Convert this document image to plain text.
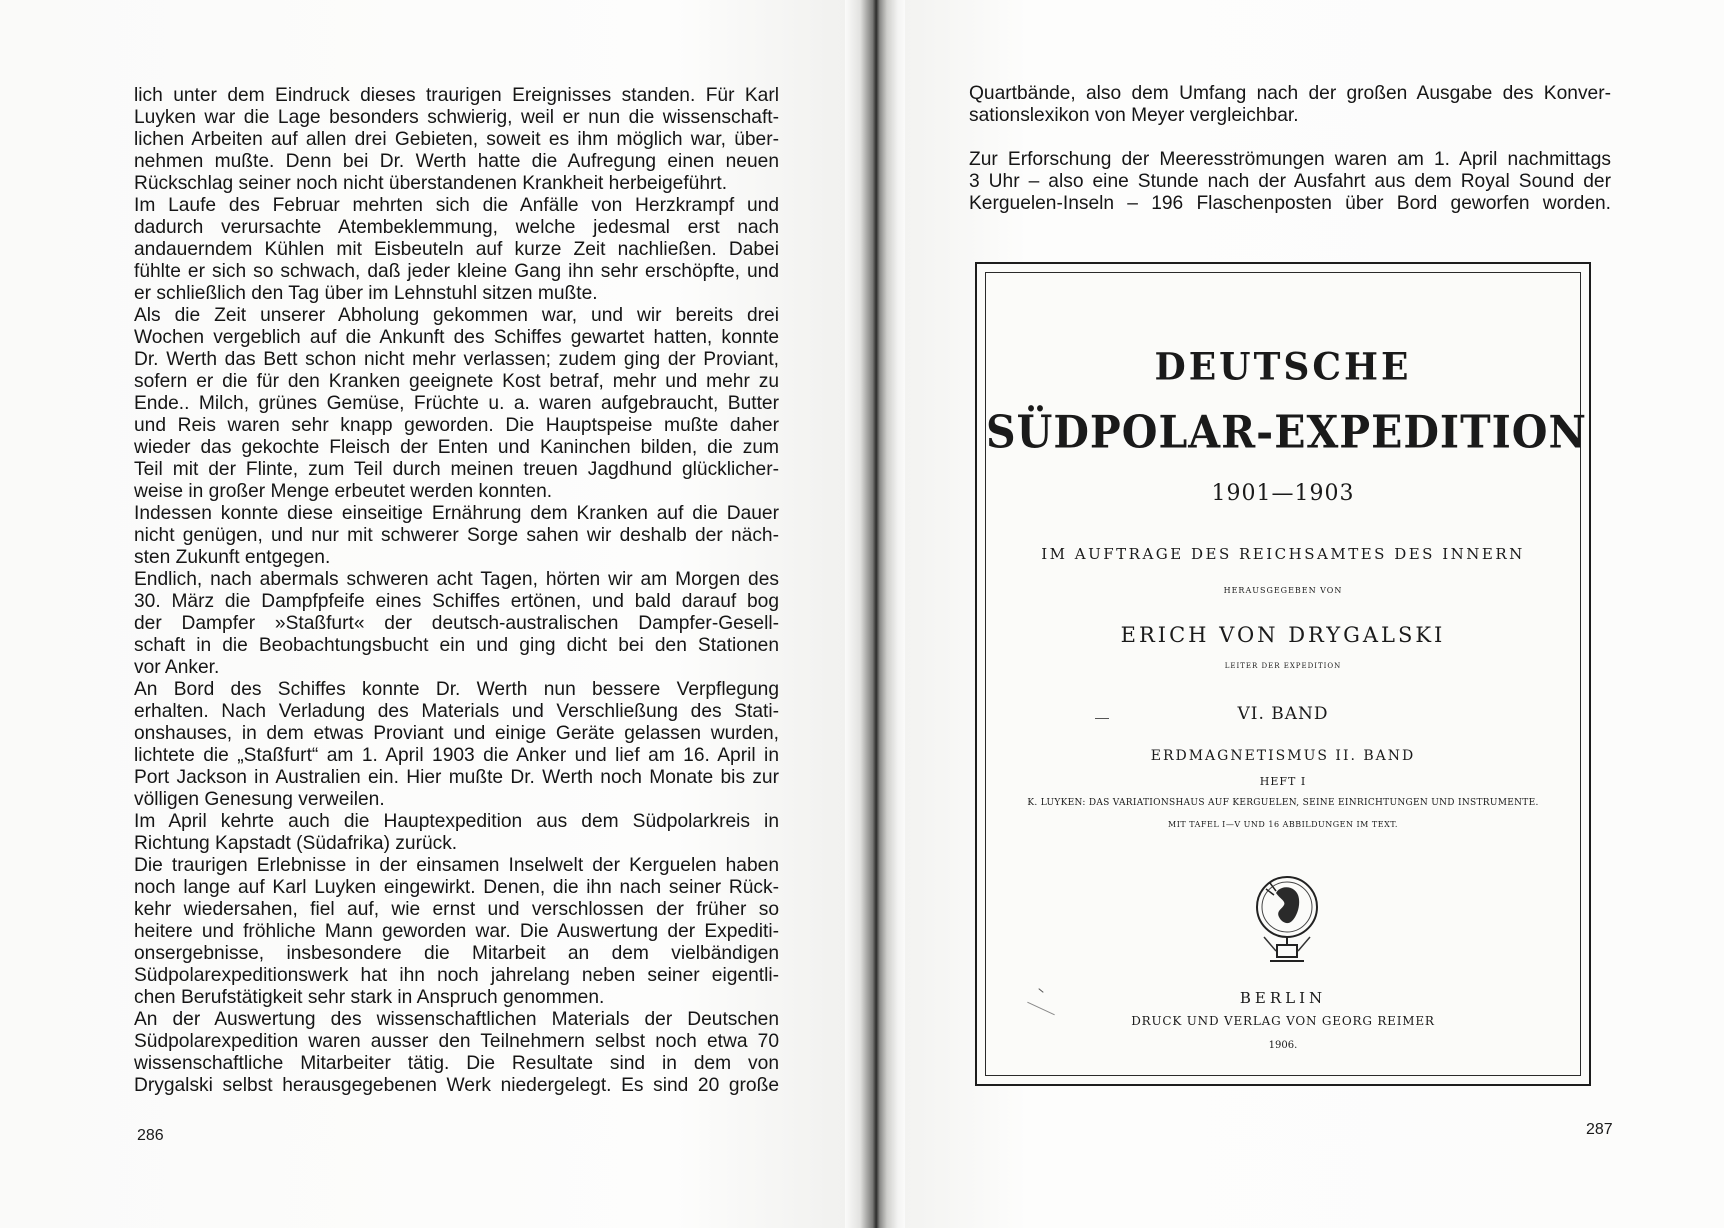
lich unter dem Eindruck dieses traurigen Ereignisses standen. Für Karl
Luyken war die Lage besonders schwierig, weil er nun die wissenschaft-
lichen Arbeiten auf allen drei Gebieten, soweit es ihm möglich war, über-
nehmen mußte. Denn bei Dr. Werth hatte die Aufregung einen neuen
Rückschlag seiner noch nicht überstandenen Krankheit herbeigeführt.
Im Laufe des Februar mehrten sich die Anfälle von Herzkrampf und
dadurch verursachte Atembeklemmung, welche jedesmal erst nach
andauerndem Kühlen mit Eisbeuteln auf kurze Zeit nachließen. Dabei
fühlte er sich so schwach, daß jeder kleine Gang ihn sehr erschöpfte, und
er schließlich den Tag über im Lehnstuhl sitzen mußte.
Als die Zeit unserer Abholung gekommen war, und wir bereits drei
Wochen vergeblich auf die Ankunft des Schiffes gewartet hatten, konnte
Dr. Werth das Bett schon nicht mehr verlassen; zudem ging der Proviant,
sofern er die für den Kranken geeignete Kost betraf, mehr und mehr zu
Ende.. Milch, grünes Gemüse, Früchte u. a. waren aufgebraucht, Butter
und Reis waren sehr knapp geworden. Die Hauptspeise mußte daher
wieder das gekochte Fleisch der Enten und Kaninchen bilden, die zum
Teil mit der Flinte, zum Teil durch meinen treuen Jagdhund glücklicher-
weise in großer Menge erbeutet werden konnten.
Indessen konnte diese einseitige Ernährung dem Kranken auf die Dauer
nicht genügen, und nur mit schwerer Sorge sahen wir deshalb der näch-
sten Zukunft entgegen.
Endlich, nach abermals schweren acht Tagen, hörten wir am Morgen des
30. März die Dampfpfeife eines Schiffes ertönen, und bald darauf bog
der Dampfer »Staßfurt« der deutsch-australischen Dampfer-Gesell-
schaft in die Beobachtungsbucht ein und ging dicht bei den Stationen
vor Anker.
An Bord des Schiffes konnte Dr. Werth nun bessere Verpflegung
erhalten. Nach Verladung des Materials und Verschließung des Stati-
onshauses, in dem etwas Proviant und einige Geräte gelassen wurden,
lichtete die „Staßfurt“ am 1. April 1903 die Anker und lief am 16. April in
Port Jackson in Australien ein. Hier mußte Dr. Werth noch Monate bis zur
völligen Genesung verweilen.
Im April kehrte auch die Hauptexpedition aus dem Südpolarkreis in
Richtung Kapstadt (Südafrika) zurück.
Die traurigen Erlebnisse in der einsamen Inselwelt der Kerguelen haben
noch lange auf Karl Luyken eingewirkt. Denen, die ihn nach seiner Rück-
kehr wiedersahen, fiel auf, wie ernst und verschlossen der früher so
heitere und fröhliche Mann geworden war. Die Auswertung der Expediti-
onsergebnisse, insbesondere die Mitarbeit an dem vielbändigen
Südpolarexpeditionswerk hat ihn noch jahrelang neben seiner eigentli-
chen Berufstätigkeit sehr stark in Anspruch genommen.
An der Auswertung des wissenschaftlichen Materials der Deutschen
Südpolarexpedition waren ausser den Teilnehmern selbst noch etwa 70
wissenschaftliche Mitarbeiter tätig. Die Resultate sind in dem von
Drygalski selbst herausgegebenen Werk niedergelegt. Es sind 20 große
286
Quartbände, also dem Umfang nach der großen Ausgabe des Konver-
sationslexikon von Meyer vergleichbar.
Zur Erforschung der Meeresströmungen waren am 1. April nachmittags
3 Uhr – also eine Stunde nach der Ausfahrt aus dem Royal Sound der
Kerguelen-Inseln – 196 Flaschenposten über Bord geworfen worden.
DEUTSCHE
SÜDPOLAR-EXPEDITION
1901—1903
IM AUFTRAGE DES REICHSAMTES DES INNERN
HERAUSGEGEBEN VON
ERICH VON DRYGALSKI
LEITER DER EXPEDITION
VI. BAND
ERDMAGNETISMUS II. BAND
HEFT I
K. LUYKEN: DAS VARIATIONSHAUS AUF KERGUELEN, SEINE EINRICHTUNGEN UND INSTRUMENTE.
MIT TAFEL I—V UND 16 ABBILDUNGEN IM TEXT.
BERLIN
DRUCK UND VERLAG VON GEORG REIMER
1906.
287
